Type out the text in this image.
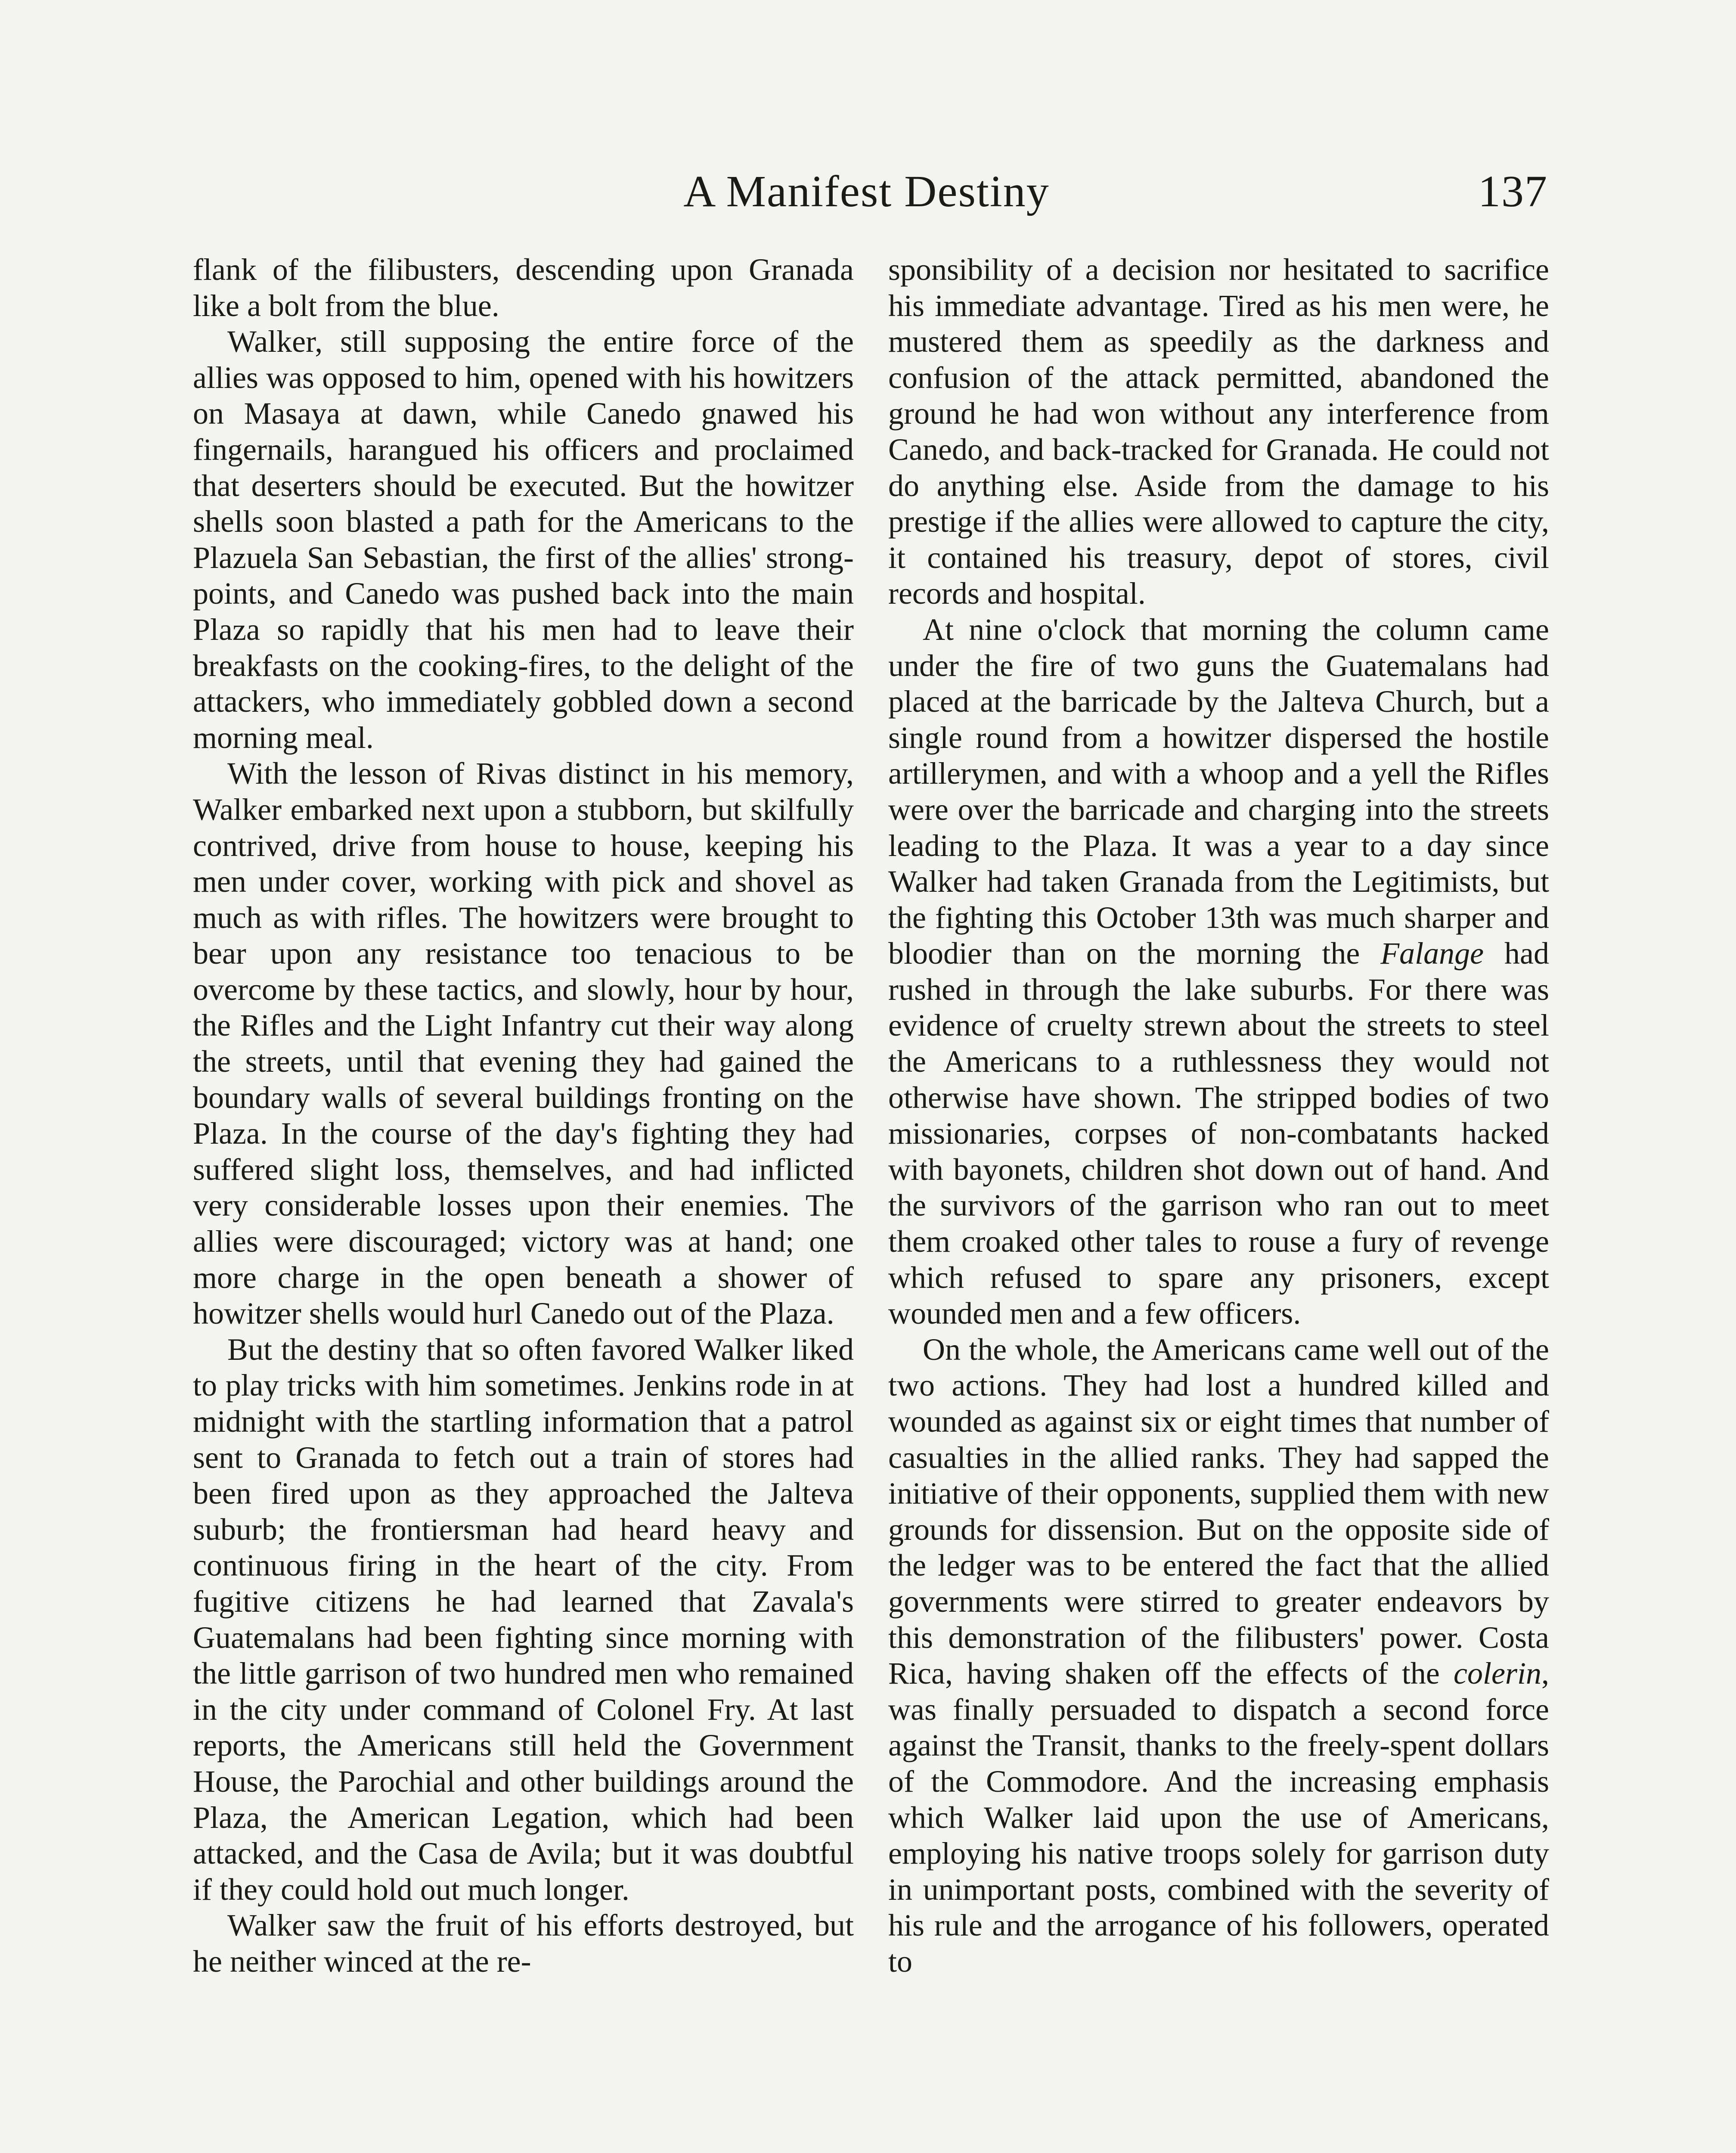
A Manifest Destiny	137

flank of the filibusters, descending upon Granada like a bolt from the blue.

Walker, still supposing the entire force of the allies was opposed to him, opened with his howitzers on Masaya at dawn, while Canedo gnawed his fingernails, harangued his officers and proclaimed that deserters should be executed. But the howitzer shells soon blasted a path for the Americans to the Plazuela San Sebastian, the first of the allies' strong-points, and Canedo was pushed back into the main Plaza so rapidly that his men had to leave their breakfasts on the cooking-fires, to the delight of the attackers, who immediately gobbled down a second morning meal.

With the lesson of Rivas distinct in his memory, Walker embarked next upon a stubborn, but skilfully contrived, drive from house to house, keeping his men under cover, working with pick and shovel as much as with rifles. The howitzers were brought to bear upon any resistance too tenacious to be overcome by these tactics, and slowly, hour by hour, the Rifles and the Light Infantry cut their way along the streets, until that evening they had gained the boundary walls of several buildings fronting on the Plaza. In the course of the day's fighting they had suffered slight loss, themselves, and had inflicted very considerable losses upon their enemies. The allies were discouraged; victory was at hand; one more charge in the open beneath a shower of howitzer shells would hurl Canedo out of the Plaza.

But the destiny that so often favored Walker liked to play tricks with him sometimes. Jenkins rode in at midnight with the startling information that a patrol sent to Granada to fetch out a train of stores had been fired upon as they approached the Jalteva suburb; the frontiersman had heard heavy and continuous firing in the heart of the city. From fugitive citizens he had learned that Zavala's Guatemalans had been fighting since morning with the little garrison of two hundred men who remained in the city under command of Colonel Fry. At last reports, the Americans still held the Government House, the Parochial and other buildings around the Plaza, the American Legation, which had been attacked, and the Casa de Avila; but it was doubtful if they could hold out much longer.

Walker saw the fruit of his efforts destroyed, but he neither winced at the re-

sponsibility of a decision nor hesitated to sacrifice his immediate advantage. Tired as his men were, he mustered them as speedily as the darkness and confusion of the attack permitted, abandoned the ground he had won without any interference from Canedo, and back-tracked for Granada. He could not do anything else. Aside from the damage to his prestige if the allies were allowed to capture the city, it contained his treasury, depot of stores, civil records and hospital.

At nine o'clock that morning the column came under the fire of two guns the Guatemalans had placed at the barricade by the Jalteva Church, but a single round from a howitzer dispersed the hostile artillerymen, and with a whoop and a yell the Rifles were over the barricade and charging into the streets leading to the Plaza. It was a year to a day since Walker had taken Granada from the Legitimists, but the fighting this October 13th was much sharper and bloodier than on the morning the Falange had rushed in through the lake suburbs. For there was evidence of cruelty strewn about the streets to steel the Americans to a ruthlessness they would not otherwise have shown. The stripped bodies of two missionaries, corpses of non-combatants hacked with bayonets, children shot down out of hand. And the survivors of the garrison who ran out to meet them croaked other tales to rouse a fury of revenge which refused to spare any prisoners, except wounded men and a few officers.

On the whole, the Americans came well out of the two actions. They had lost a hundred killed and wounded as against six or eight times that number of casualties in the allied ranks. They had sapped the initiative of their opponents, supplied them with new grounds for dissension. But on the opposite side of the ledger was to be entered the fact that the allied governments were stirred to greater endeavors by this demonstration of the filibusters' power. Costa Rica, having shaken off the effects of the colerin, was finally persuaded to dispatch a second force against the Transit, thanks to the freely-spent dollars of the Commodore. And the increasing emphasis which Walker laid upon the use of Americans, employing his native troops solely for garrison duty in unimportant posts, combined with the severity of his rule and the arrogance of his followers, operated to
